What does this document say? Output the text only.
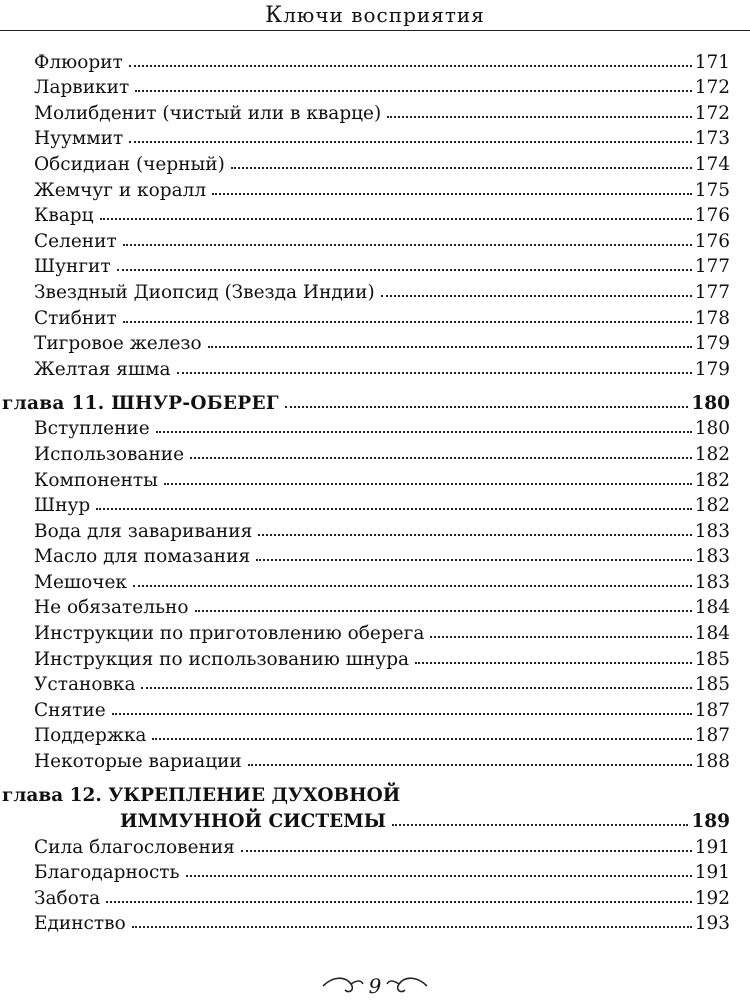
Ключи восприятия
Флюорит	171
Ларвикит	172
Молибденит (чистый или в кварце)	172
Нууммит	173
Обсидиан (черный)	174
Жемчуг и коралл	175
Кварц	176
Селенит	176
Шунгит	177
Звездный Диопсид (Звезда Индии)	177
Стибнит	178
Тигровое железо	179
Желтая яшма	179
глава 11. ШНУР-ОБЕРЕГ	180
Вступление	180
Использование	182
Компоненты	182
Шнур	182
Вода для заваривания	183
Масло для помазания	183
Мешочек	183
Не обязательно	184
Инструкции по приготовлению оберега	184
Инструкция по использованию шнура	185
Установка	185
Снятие	187
Поддержка	187
Некоторые вариации	188
глава 12. УКРЕПЛЕНИЕ ДУХОВНОЙ
ИММУННОЙ СИСТЕМЫ	189
Сила благословения	191
Благодарность	191
Забота	192
Единство	193
9
